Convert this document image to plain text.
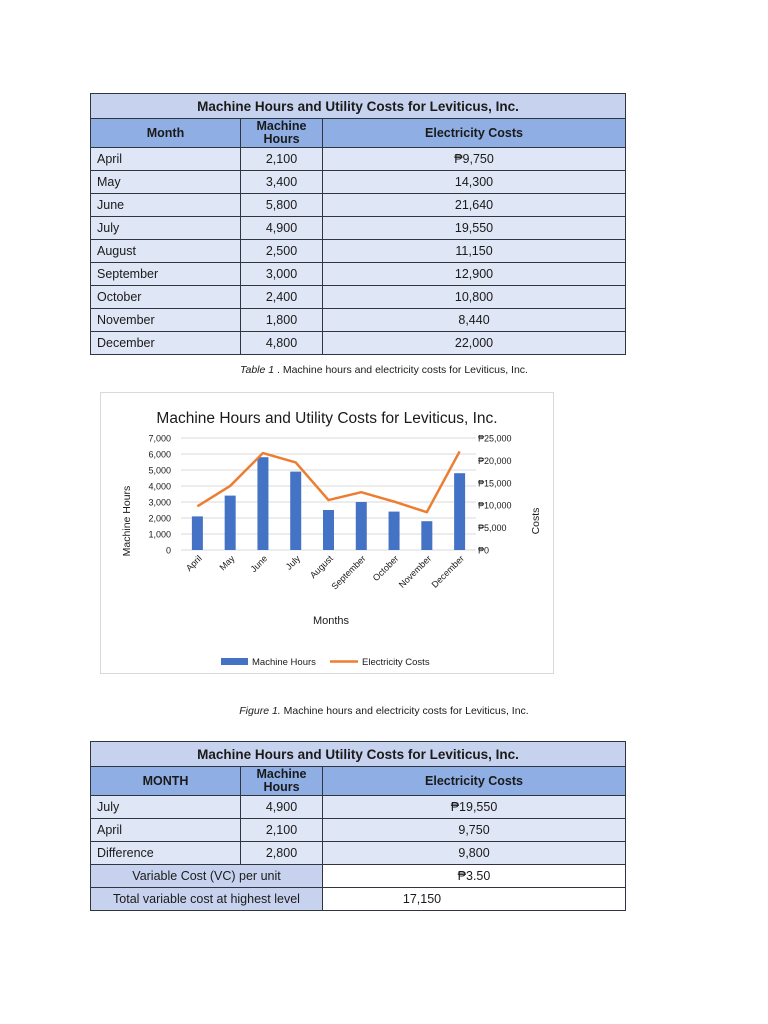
Machine Hours and Utility Costs for Leviticus, Inc.		
Month	Machine Hours	Electricity Costs
April	2,100	₱9,750
May	3,400	14,300
June	5,800	21,640
July	4,900	19,550
August	2,500	11,150
September	3,000	12,900
October	2,400	10,800
November	1,800	8,440
December	4,800	22,000
Table 1 . Machine hours and electricity costs for Leviticus, Inc.
Machine Hours and Utility Costs for Leviticus, Inc.
Months
Machine Hours	Costs
Machine Hours	Electricity Costs
0
1,000
2,000
3,000
4,000
5,000
6,000
7,000
₱0
₱5,000
₱10,000
₱15,000
₱20,000
₱25,000
April May June July August
September October
November
December
Figure 1. Machine hours and electricity costs for Leviticus, Inc.
Machine Hours and Utility Costs for Leviticus, Inc.		
MONTH	Machine Hours	Electricity Costs
July	4,900	₱19,550
April	2,100	9,750
Difference	2,800	9,800
Variable Cost (VC) per unit		₱3.50
Total variable cost at highest level		17,150
